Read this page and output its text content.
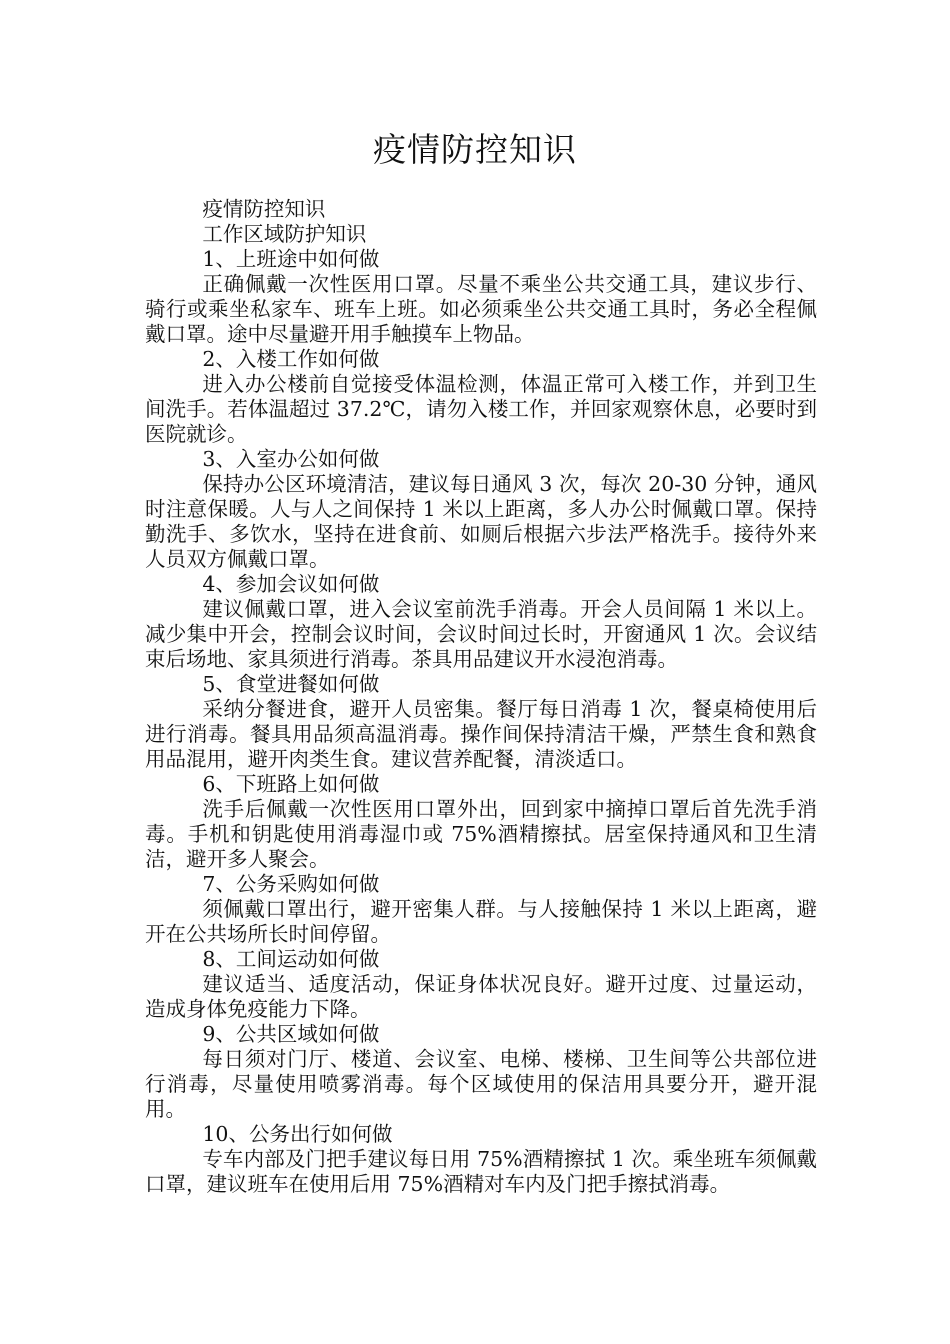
疫情防控知识

疫情防控知识

工作区域防护知识

1、上班途中如何做

正确佩戴一次性医用口罩。尽量不乘坐公共交通工具，建议步行、骑行或乘坐私家车、班车上班。如必须乘坐公共交通工具时，务必全程佩戴口罩。途中尽量避开用手触摸车上物品。

2、入楼工作如何做

进入办公楼前自觉接受体温检测，体温正常可入楼工作，并到卫生间洗手。若体温超过 37.2℃，请勿入楼工作，并回家观察休息，必要时到医院就诊。

3、入室办公如何做

保持办公区环境清洁，建议每日通风 3 次，每次 20-30 分钟，通风时注意保暖。人与人之间保持 1 米以上距离，多人办公时佩戴口罩。保持勤洗手、多饮水，坚持在进食前、如厕后根据六步法严格洗手。接待外来人员双方佩戴口罩。

4、参加会议如何做

建议佩戴口罩，进入会议室前洗手消毒。开会人员间隔 1 米以上。减少集中开会，控制会议时间，会议时间过长时，开窗通风 1 次。会议结束后场地、家具须进行消毒。茶具用品建议开水浸泡消毒。

5、食堂进餐如何做

采纳分餐进食，避开人员密集。餐厅每日消毒 1 次，餐桌椅使用后进行消毒。餐具用品须高温消毒。操作间保持清洁干燥，严禁生食和熟食用品混用，避开肉类生食。建议营养配餐，清淡适口。

6、下班路上如何做

洗手后佩戴一次性医用口罩外出，回到家中摘掉口罩后首先洗手消毒。手机和钥匙使用消毒湿巾或 75%酒精擦拭。居室保持通风和卫生清洁，避开多人聚会。

7、公务采购如何做

须佩戴口罩出行，避开密集人群。与人接触保持 1 米以上距离，避开在公共场所长时间停留。

8、工间运动如何做

建议适当、适度活动，保证身体状况良好。避开过度、过量运动，造成身体免疫能力下降。

9、公共区域如何做

每日须对门厅、楼道、会议室、电梯、楼梯、卫生间等公共部位进行消毒，尽量使用喷雾消毒。每个区域使用的保洁用具要分开，避开混用。

10、公务出行如何做

专车内部及门把手建议每日用 75%酒精擦拭 1 次。乘坐班车须佩戴口罩，建议班车在使用后用 75%酒精对车内及门把手擦拭消毒。
